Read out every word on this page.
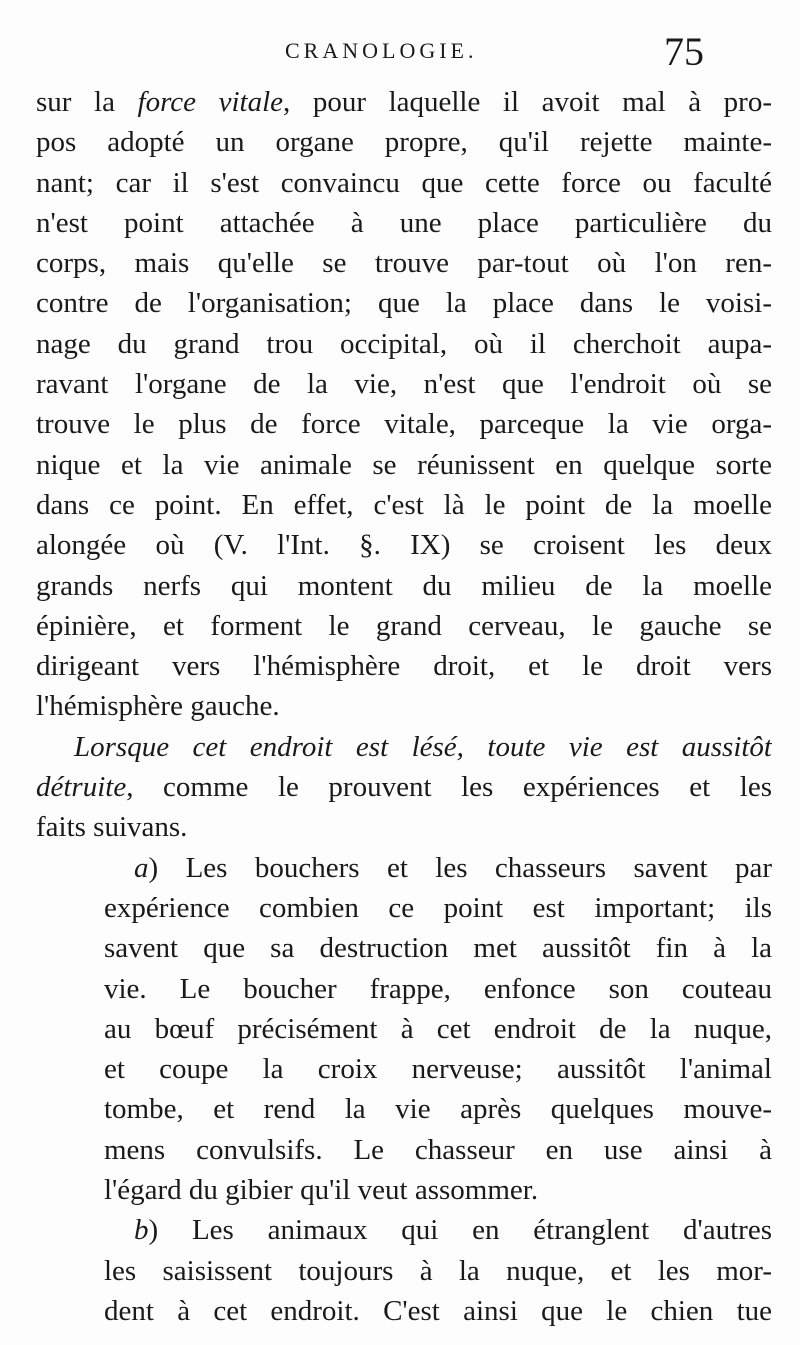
CRANOLOGIE.	75
sur la force vitale, pour laquelle il avoit mal à pro-
pos adopté un organe propre, qu'il rejette mainte-
nant; car il s'est convaincu que cette force ou faculté
n'est point attachée à une place particulière du
corps, mais qu'elle se trouve par-tout où l'on ren-
contre de l'organisation; que la place dans le voisi-
nage du grand trou occipital, où il cherchoit aupa-
ravant l'organe de la vie, n'est que l'endroit où se
trouve le plus de force vitale, parceque la vie orga-
nique et la vie animale se réunissent en quelque sorte
dans ce point. En effet, c'est là le point de la moelle
alongée où (V. l'Int. §. IX) se croisent les deux
grands nerfs qui montent du milieu de la moelle
épinière, et forment le grand cerveau, le gauche se
dirigeant vers l'hémisphère droit, et le droit vers
l'hémisphère gauche.
Lorsque cet endroit est lésé, toute vie est aussitôt
détruite, comme le prouvent les expériences et les
faits suivans.
a) Les bouchers et les chasseurs savent par
expérience combien ce point est important; ils
savent que sa destruction met aussitôt fin à la
vie. Le boucher frappe, enfonce son couteau
au bœuf précisément à cet endroit de la nuque,
et coupe la croix nerveuse; aussitôt l'animal
tombe, et rend la vie après quelques mouve-
mens convulsifs. Le chasseur en use ainsi à
l'égard du gibier qu'il veut assommer.
b) Les animaux qui en étranglent d'autres
les saisissent toujours à la nuque, et les mor-
dent à cet endroit. C'est ainsi que le chien tue
